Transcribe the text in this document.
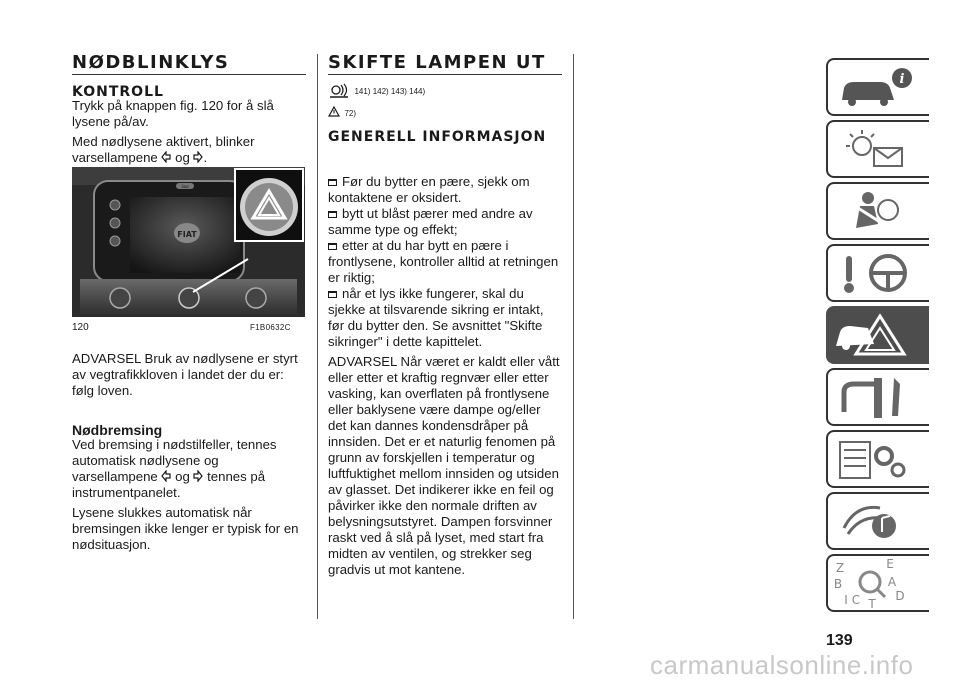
NØDBLINKLYS
KONTROLL

Trykk på knappen fig. 120 for å slå lysene på/av.

Med nødlysene aktivert, blinker varsellampene og .

FIAT
iioo
120	F1B0632C

ADVARSEL Bruk av nødlysene er styrt av vegtrafikkloven i landet der du er: følg loven.

Nødbremsing

Ved bremsing i nødstilfeller, tennes automatisk nødlysene og varsellampene og tennes på instrumentpanelet.

Lysene slukkes automatisk når bremsingen ikke lenger er typisk for en nødsituasjon.

SKIFTE LAMPEN UT
141) 142) 143) 144)
72)
GENERELL INFORMASJON

Før du bytter en pære, sjekk om kontaktene er oksidert.

bytt ut blåst pærer med andre av samme type og effekt;

etter at du har bytt en pære i frontlysene, kontroller alltid at retningen er riktig;

når et lys ikke fungerer, skal du sjekke at tilsvarende sikring er intakt, før du bytter den. Se avsnittet "Skifte sikringer" i dette kapittelet.

ADVARSEL Når været er kaldt eller vått eller etter et kraftig regnvær eller etter vasking, kan overflaten på frontlysene eller baklysene være dampe og/eller det kan dannes kondensdråper på innsiden. Det er et naturlig fenomen på grunn av forskjellen i temperatur og luftfuktighet mellom innsiden og utsiden av glasset. Det indikerer ikke en feil og påvirker ikke den normale driften av belysningsutstyret. Dampen forsvinner raskt ved å slå på lyset, med start fra midten av ventilen, og strekker seg gradvis ut mot kantene.

i
Z	E
B	A
I C	D
T
139
carmanualsonline.info
